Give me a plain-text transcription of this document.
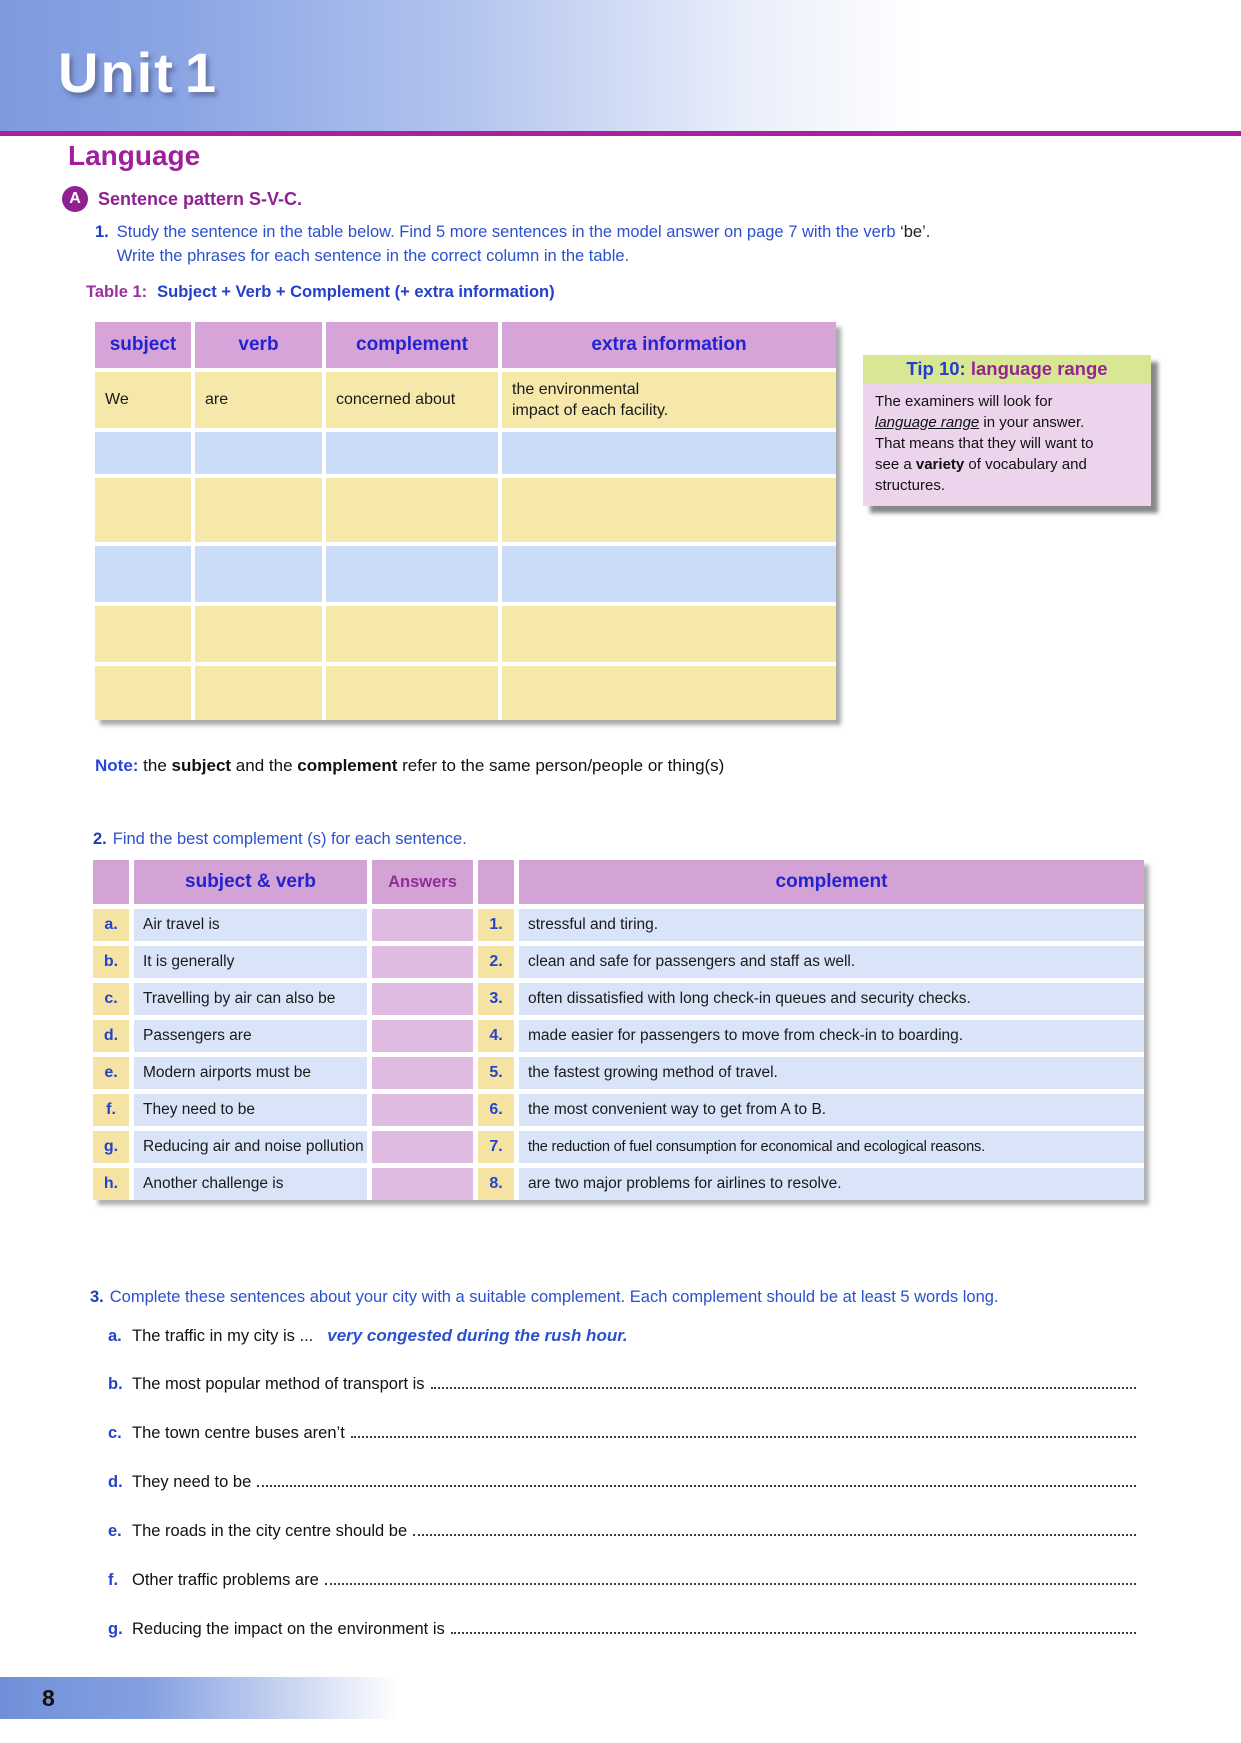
Unit 1
Language
A Sentence pattern S-V-C.
1. Study the sentence in the table below. Find 5 more sentences in the model answer on page 7 with the verb ‘be’.
Write the phrases for each sentence in the correct column in the table.
Table 1: Subject + Verb + Complement (+ extra information)
subject	verb	complement	extra information
We	are	concerned about
the environmental
impact of each facility.
Tip 10: language range
The examiners will look for
language range in your answer.
That means that they will want to
see a variety of vocabulary and
structures.
Note: the subject and the complement refer to the same person/people or thing(s)
2. Find the best complement (s) for each sentence.
subject & verb	Answers	complement
a.	Air travel is	1.	stressful and tiring.
b.	It is generally	2.	clean and safe for passengers and staff as well.
c.	Travelling by air can also be	3.	often dissatisfied with long check-in queues and security checks.
d.	Passengers are	4.	made easier for passengers to move from check-in to boarding.
e.	Modern airports must be	5.	the fastest growing method of travel.
f.	They need to be	6.	the most convenient way to get from A to B.
g.	Reducing air and noise pollution	7.	the reduction of fuel consumption for economical and ecological reasons.
h.	Another challenge is	8.	are two major problems for airlines to resolve.
3. Complete these sentences about your city with a suitable complement. Each complement should be at least 5 words long.
a. The traffic in my city is ... very congested during the rush hour.
b. The most popular method of transport is
c. The town centre buses aren’t
d. They need to be
e. The roads in the city centre should be
f. Other traffic problems are
g. Reducing the impact on the environment is
8
